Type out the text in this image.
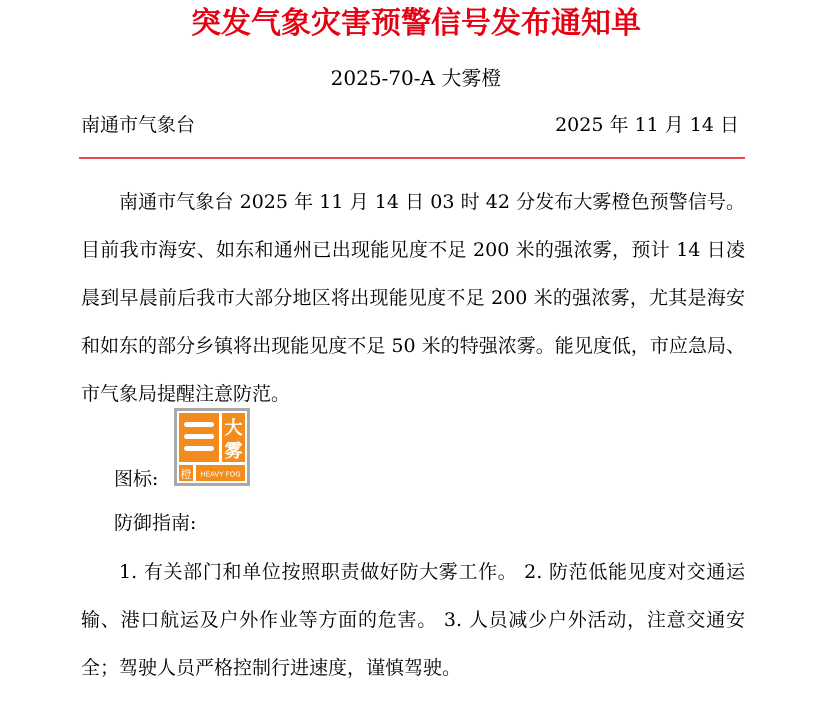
突发气象灾害预警信号发布通知单
2025-70-A 大雾橙
南通市气象台	2025 年 11 月 14 日

南通市气象台 2025 年 11 月 14 日 03 时 42 分发布大雾橙色预警信号。目前我市海安、如东和通州已出现能见度不足 200 米的强浓雾，预计 14 日凌晨到早晨前后我市大部分地区将出现能见度不足 200 米的强浓雾，尤其是海安和如东的部分乡镇将出现能见度不足 50 米的特强浓雾。能见度低，市应急局、市气象局提醒注意防范。

图标:
大
雾
橙 HEAVY FOG
防御指南:

1. 有关部门和单位按照职责做好防大雾工作。 2. 防范低能见度对交通运输、港口航运及户外作业等方面的危害。 3. 人员减少户外活动，注意交通安全；驾驶人员严格控制行进速度，谨慎驾驶。
